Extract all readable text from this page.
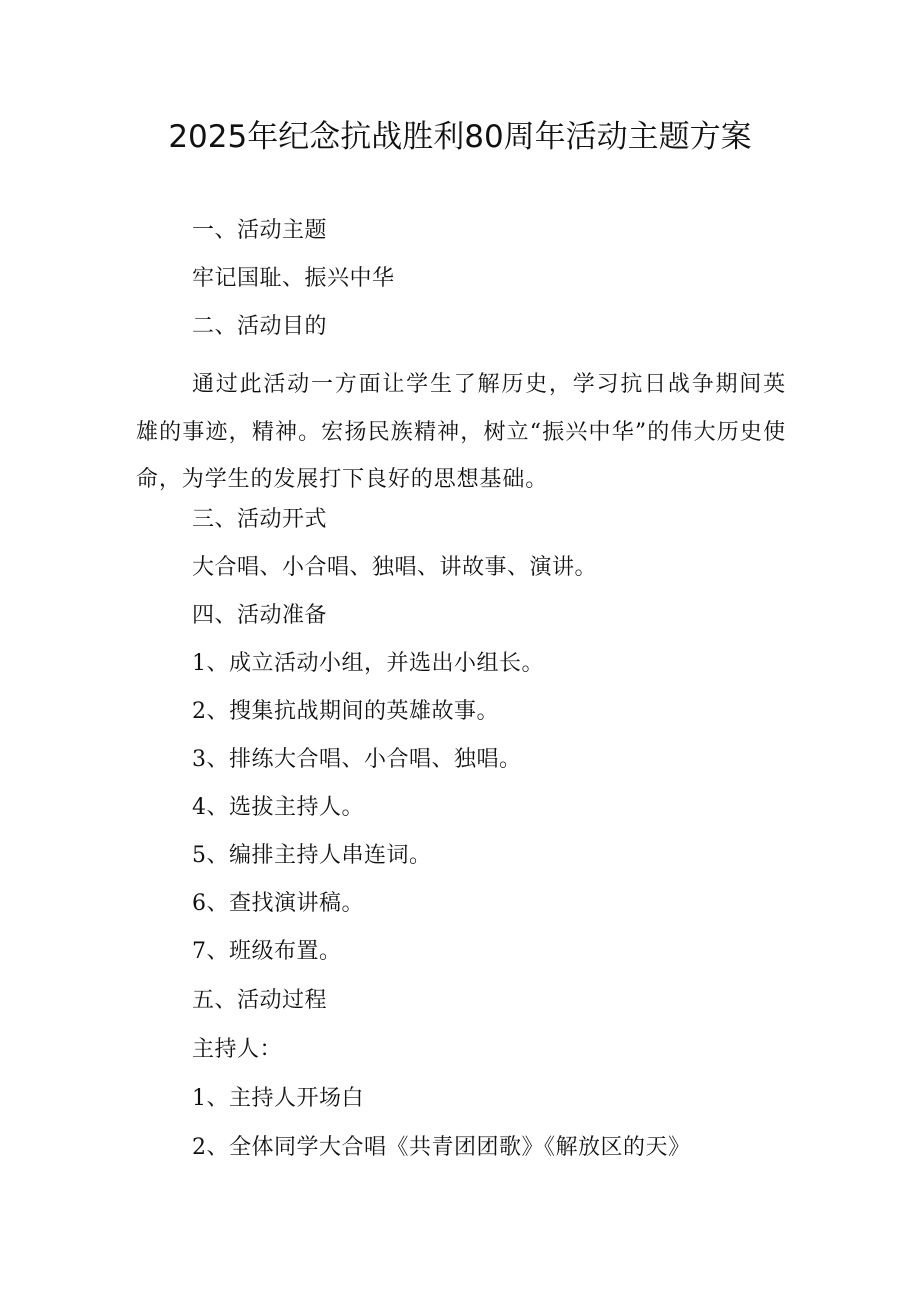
2025年纪念抗战胜利80周年活动主题方案

一、活动主题

牢记国耻、振兴中华

二、活动目的

通过此活动一方面让学生了解历史，学习抗日战争期间英雄的事迹，精神。宏扬民族精神，树立“振兴中华”的伟大历史使命，为学生的发展打下良好的思想基础。

三、活动开式

大合唱、小合唱、独唱、讲故事、演讲。

四、活动准备

1、成立活动小组，并选出小组长。

2、搜集抗战期间的英雄故事。

3、排练大合唱、小合唱、独唱。

4、选拔主持人。

5、编排主持人串连词。

6、查找演讲稿。

7、班级布置。

五、活动过程

主持人：

1、主持人开场白

2、全体同学大合唱《共青团团歌》《解放区的天》
